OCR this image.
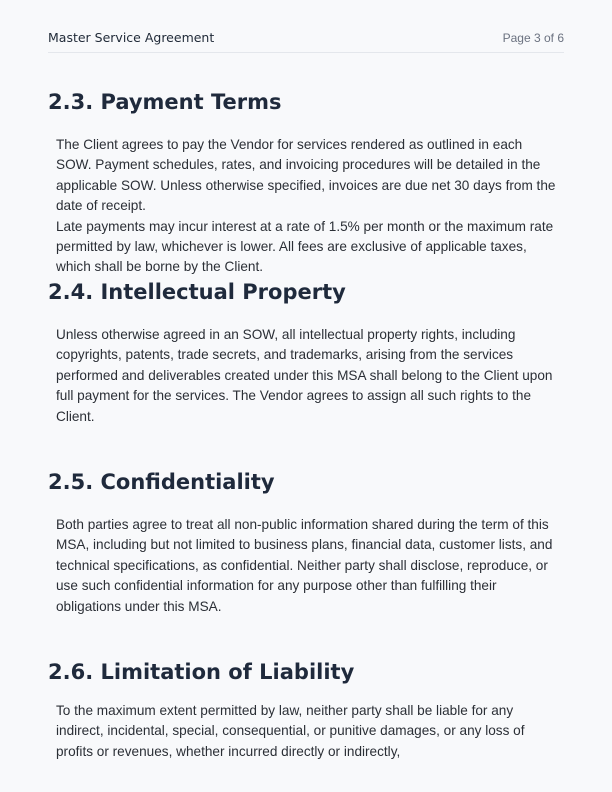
Master Service Agreement	Page 3 of 6
2.3. Payment Terms

The Client agrees to pay the Vendor for services rendered as outlined in each SOW. Payment schedules, rates, and invoicing procedures will be detailed in the applicable SOW. Unless otherwise specified, invoices are due net 30 days from the date of receipt.

Late payments may incur interest at a rate of 1.5% per month or the maximum rate permitted by law, whichever is lower. All fees are exclusive of applicable taxes, which shall be borne by the Client.

2.4. Intellectual Property

Unless otherwise agreed in an SOW, all intellectual property rights, including copyrights, patents, trade secrets, and trademarks, arising from the services performed and deliverables created under this MSA shall belong to the Client upon full payment for the services. The Vendor agrees to assign all such rights to the Client.

2.5. Confidentiality

Both parties agree to treat all non-public information shared during the term of this MSA, including but not limited to business plans, financial data, customer lists, and technical specifications, as confidential. Neither party shall disclose, reproduce, or use such confidential information for any purpose other than fulfilling their obligations under this MSA.

2.6. Limitation of Liability

To the maximum extent permitted by law, neither party shall be liable for any indirect, incidental, special, consequential, or punitive damages, or any loss of profits or revenues, whether incurred directly or indirectly,
